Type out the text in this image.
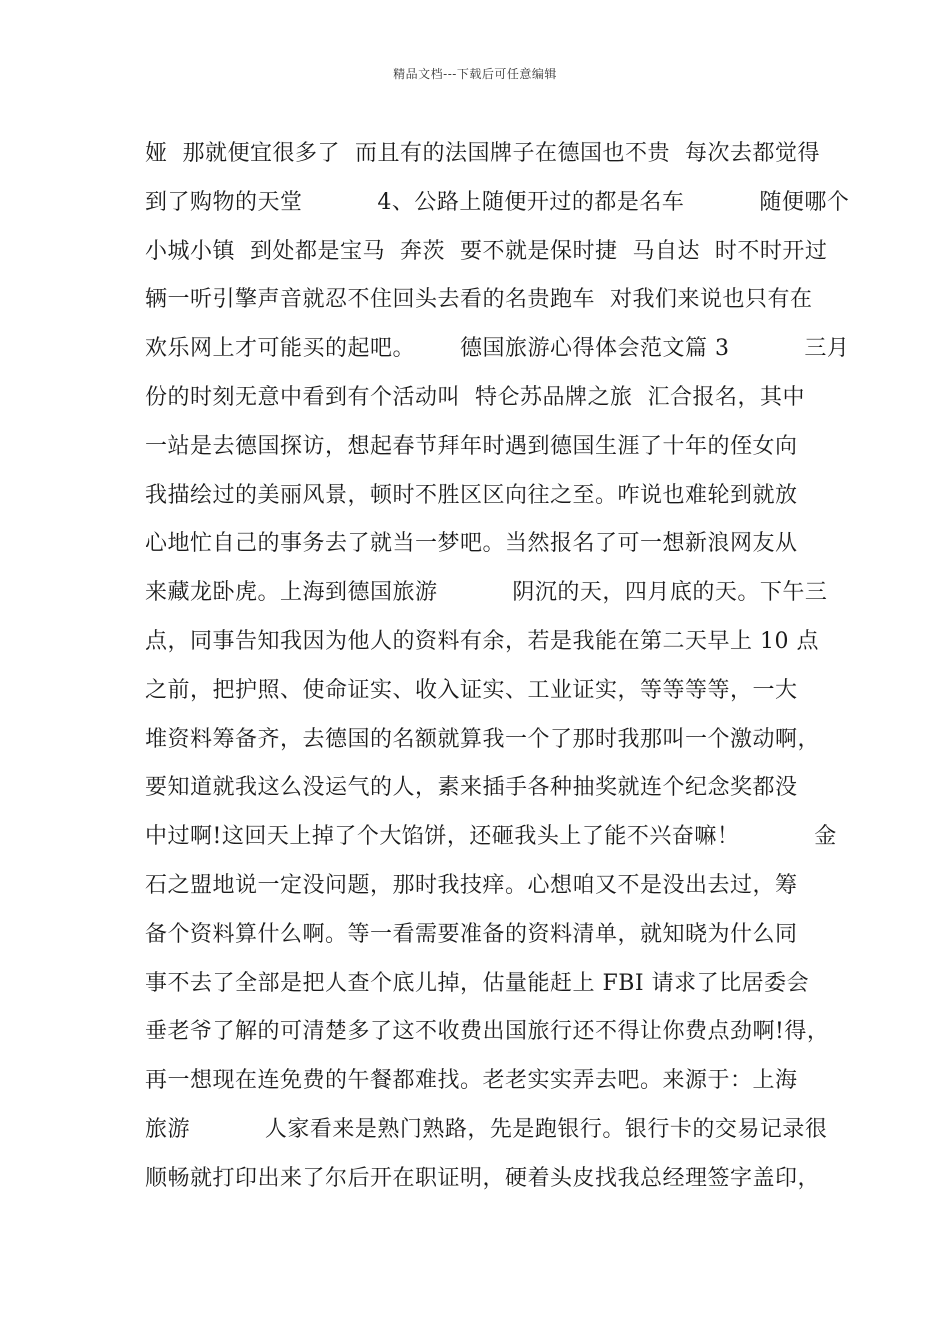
精品文档---下载后可任意编辑
娅  那就便宜很多了  而且有的法国牌子在德国也不贵  每次去都觉得
到了购物的天堂          4、公路上随便开过的都是名车          随便哪个
小城小镇  到处都是宝马  奔茨  要不就是保时捷  马自达  时不时开过
辆一听引擎声音就忍不住回头去看的名贵跑车  对我们来说也只有在
欢乐网上才可能买的起吧。      德国旅游心得体会范文篇 3          三月
份的时刻无意中看到有个活动叫  特仑苏品牌之旅  汇合报名，其中
一站是去德国探访，想起春节拜年时遇到德国生涯了十年的侄女向
我描绘过的美丽风景，顿时不胜区区向往之至。咋说也难轮到就放
心地忙自己的事务去了就当一梦吧。当然报名了可一想新浪网友从
来藏龙卧虎。上海到德国旅游          阴沉的天，四月底的天。下午三
点，同事告知我因为他人的资料有余，若是我能在第二天早上 10 点
之前，把护照、使命证实、收入证实、工业证实，等等等等，一大
堆资料筹备齐，去德国的名额就算我一个了那时我那叫一个激动啊，
要知道就我这么没运气的人，素来插手各种抽奖就连个纪念奖都没
中过啊!这回天上掉了个大馅饼，还砸我头上了能不兴奋嘛！          金
石之盟地说一定没问题，那时我技痒。心想咱又不是没出去过，筹
备个资料算什么啊。等一看需要准备的资料清单，就知晓为什么同
事不去了全部是把人查个底儿掉，估量能赶上 FBI 请求了比居委会
垂老爷了解的可清楚多了这不收费出国旅行还不得让你费点劲啊!得，
再一想现在连免费的午餐都难找。老老实实弄去吧。来源于：上海
旅游          人家看来是熟门熟路，先是跑银行。银行卡的交易记录很
顺畅就打印出来了尔后开在职证明，硬着头皮找我总经理签字盖印，
